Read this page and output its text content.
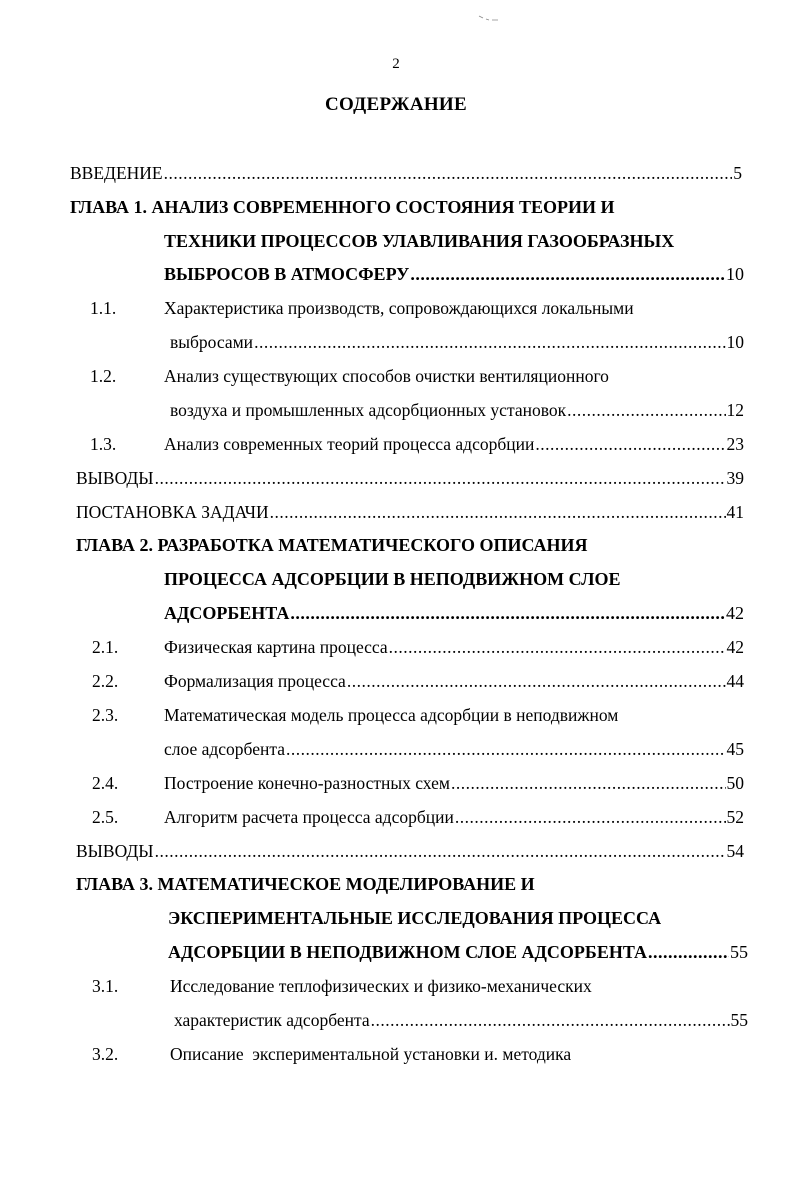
2
СОДЕРЖАНИЕ
ВВЕДЕНИЕ .....	5
ГЛАВА 1. АНАЛИЗ СОВРЕМЕННОГО СОСТОЯНИЯ ТЕОРИИ И
ТЕХНИКИ ПРОЦЕССОВ УЛАВЛИВАНИЯ ГАЗООБРАЗНЫХ
ВЫБРОСОВ В АТМОСФЕРУ .....	10
1.1.	Характеристика производств, сопровождающихся локальными
выбросами .....	10
1.2.	Анализ существующих способов очистки вентиляционного
воздуха и промышленных адсорбционных установок .....	12
1.3.	Анализ современных теорий процесса адсорбции .....	23
ВЫВОДЫ .....	39
ПОСТАНОВКА ЗАДАЧИ .....	41
ГЛАВА 2. РАЗРАБОТКА МАТЕМАТИЧЕСКОГО ОПИСАНИЯ
ПРОЦЕССА АДСОРБЦИИ В НЕПОДВИЖНОМ СЛОЕ
АДСОРБЕНТА .....	42
2.1.	Физическая картина процесса .....	42
2.2.	Формализация процесса .....	44
2.3.	Математическая модель процесса адсорбции в неподвижном
слое адсорбента .....	45
2.4.	Построение конечно-разностных схем .....	50
2.5.	Алгоритм расчета процесса адсорбции .....	52
ВЫВОДЫ .....	54
ГЛАВА 3. МАТЕМАТИЧЕСКОЕ МОДЕЛИРОВАНИЕ И
ЭКСПЕРИМЕНТАЛЬНЫЕ ИССЛЕДОВАНИЯ ПРОЦЕССА
АДСОРБЦИИ В НЕПОДВИЖНОМ СЛОЕ АДСОРБЕНТА .....	55
3.1.	Исследование теплофизических и физико-механических
характеристик адсорбента .....	55
3.2.	Описание  экспериментальной установки и. методика
